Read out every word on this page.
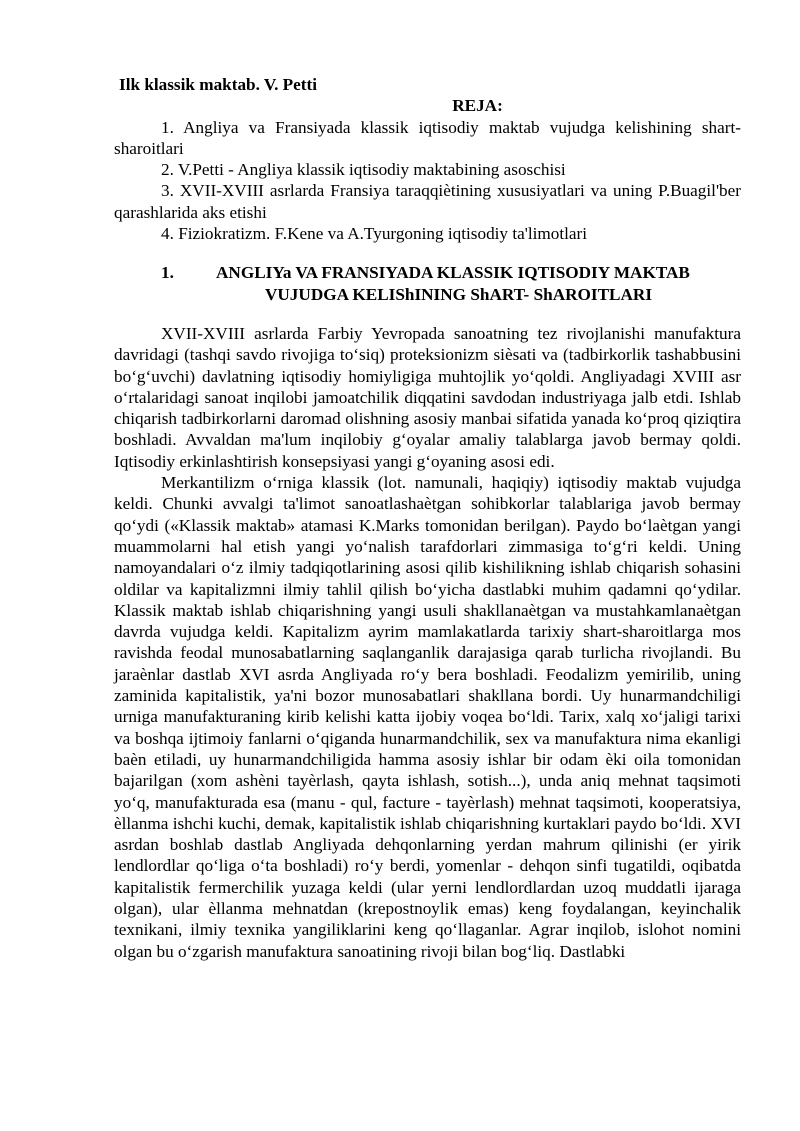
Ilk klassik maktab. V. Petti

REJA:

1. Angliya va Fransiyada klassik iqtisodiy maktab vujudga kelishining shart-sharoitlari

2. V.Petti - Angliya klassik iqtisodiy maktabining asoschisi

3. XVII-XVIII asrlarda Fransiya taraqqiètining xususiyatlari va uning P.Buagil'ber qarashlarida aks etishi

4. Fiziokratizm. F.Kene va A.Tyurgoning iqtisodiy ta'limotlari

1.	ANGLIYa VA FRANSIYADA KLASSIK IQTISODIY MAKTAB
VUJUDGA KELIShINING ShART- ShAROITLARI

XVII-XVIII asrlarda Farbiy Yevropada sanoatning tez rivojlanishi manufaktura davridagi (tashqi savdo rivojiga to‘siq) proteksionizm sièsati va (tadbirkorlik tashabbusini bo‘g‘uvchi) davlatning iqtisodiy homiyligiga muhtojlik yo‘qoldi. Angliyadagi XVIII asr o‘rtalaridagi sanoat inqilobi jamoatchilik diqqatini savdodan industriyaga jalb etdi. Ishlab chiqarish tadbirkorlarni daromad olishning asosiy manbai sifatida yanada ko‘proq qiziqtira boshladi. Avvaldan ma'lum inqilobiy g‘oyalar amaliy talablarga javob bermay qoldi. Iqtisodiy erkinlashtirish konsepsiyasi yangi g‘oyaning asosi edi.

Merkantilizm o‘rniga klassik (lot. namunali, haqiqiy) iqtisodiy maktab vujudga keldi. Chunki avvalgi ta'limot sanoatlashaètgan sohibkorlar talablariga javob bermay qo‘ydi («Klassik maktab» atamasi K.Marks tomonidan berilgan). Paydo bo‘laètgan yangi muammolarni hal etish yangi yo‘nalish tarafdorlari zimmasiga to‘g‘ri keldi. Uning namoyandalari o‘z ilmiy tadqiqotlarining asosi qilib kishilikning ishlab chiqarish sohasini oldilar va kapitalizmni ilmiy tahlil qilish bo‘yicha dastlabki muhim qadamni qo‘ydilar. Klassik maktab ishlab chiqarishning yangi usuli shakllanaètgan va mustahkamlanaètgan davrda vujudga keldi. Kapitalizm ayrim mamlakatlarda tarixiy shart-sharoitlarga mos ravishda feodal munosabatlarning saqlanganlik darajasiga qarab turlicha rivojlandi. Bu jaraènlar dastlab XVI asrda Angliyada ro‘y bera boshladi. Feodalizm yemirilib, uning zaminida kapitalistik, ya'ni bozor munosabatlari shakllana bordi. Uy hunarmandchiligi urniga manufakturaning kirib kelishi katta ijobiy voqea bo‘ldi. Tarix, xalq xo‘jaligi tarixi va boshqa ijtimoiy fanlarni o‘qiganda hunarmandchilik, sex va manufaktura nima ekanligi baèn etiladi, uy hunarmandchiligida hamma asosiy ishlar bir odam èki oila tomonidan bajarilgan (xom ashèni tayèrlash, qayta ishlash, sotish...), unda aniq mehnat taqsimoti yo‘q, manufakturada esa (manu - qul, facture - tayèrlash) mehnat taqsimoti, kooperatsiya, èllanma ishchi kuchi, demak, kapitalistik ishlab chiqarishning kurtaklari paydo bo‘ldi. XVI asrdan boshlab dastlab Angliyada dehqonlarning yerdan mahrum qilinishi (er yirik lendlordlar qo‘liga o‘ta boshladi) ro‘y berdi, yomenlar - dehqon sinfi tugatildi, oqibatda kapitalistik fermerchilik yuzaga keldi (ular yerni lendlordlardan uzoq muddatli ijaraga olgan), ular èllanma mehnatdan (krepostnoylik emas) keng foydalangan, keyinchalik texnikani, ilmiy texnika yangiliklarini keng qo‘llaganlar. Agrar inqilob, islohot nomini olgan bu o‘zgarish manufaktura sanoatining rivoji bilan bog‘liq. Dastlabki
